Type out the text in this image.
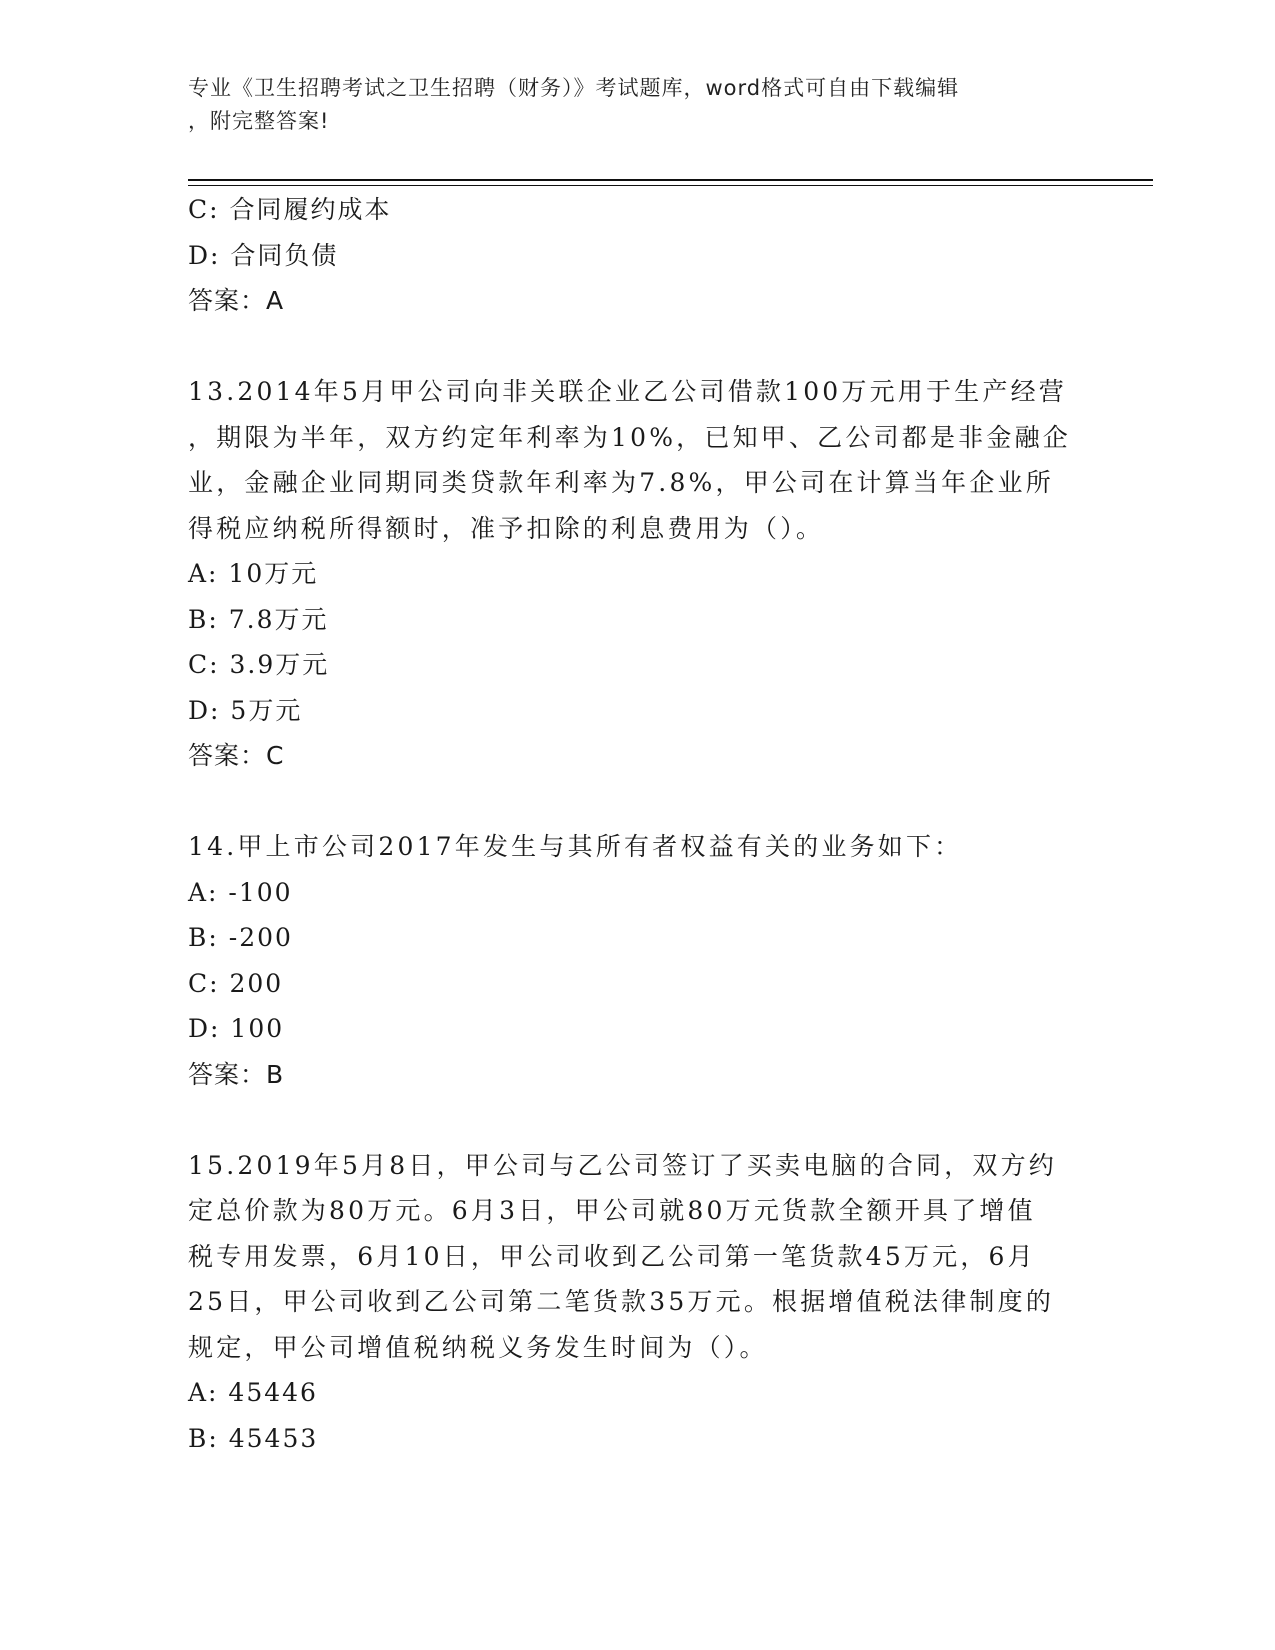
专业《卫生招聘考试之卫生招聘（财务）》考试题库，word格式可自由下载编辑
，附完整答案!
C: 合同履约成本
D: 合同负债
答案：A
13.2014年5月甲公司向非关联企业乙公司借款100万元用于生产经营
，期限为半年，双方约定年利率为10%，已知甲、乙公司都是非金融企
业，金融企业同期同类贷款年利率为7.8%，甲公司在计算当年企业所
得税应纳税所得额时，准予扣除的利息费用为（）。
A: 10万元
B: 7.8万元
C: 3.9万元
D: 5万元
答案：C
14.甲上市公司2017年发生与其所有者权益有关的业务如下：
A: -100
B: -200
C: 200
D: 100
答案：B
15.2019年5月8日，甲公司与乙公司签订了买卖电脑的合同，双方约
定总价款为80万元。6月3日，甲公司就80万元货款全额开具了增值
税专用发票，6月10日，甲公司收到乙公司第一笔货款45万元，6月
25日，甲公司收到乙公司第二笔货款35万元。根据增值税法律制度的
规定，甲公司增值税纳税义务发生时间为（）。
A: 45446
B: 45453
